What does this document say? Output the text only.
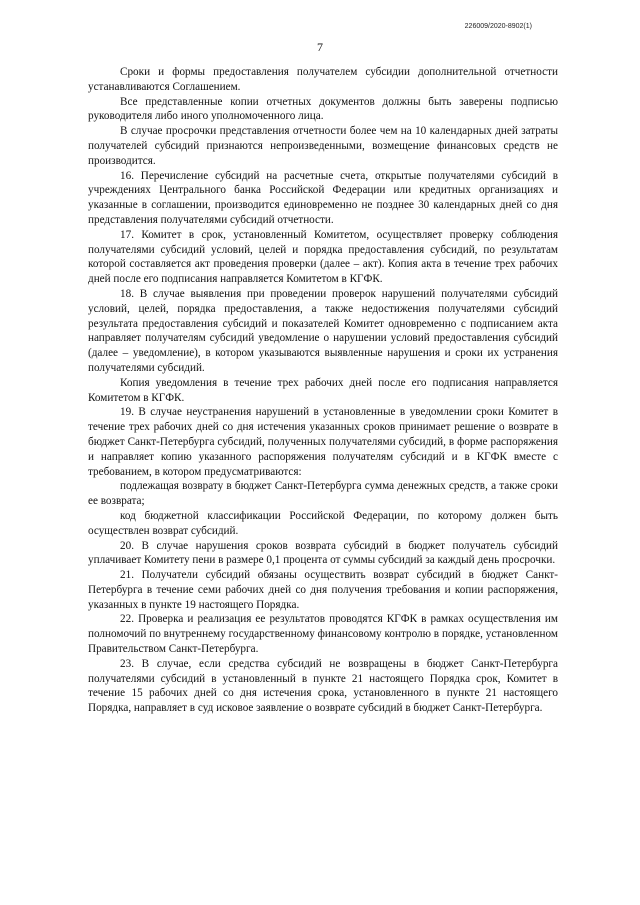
226009/2020-8902(1)
7

Сроки и формы предоставления получателем субсидии дополнительной отчетности устанавливаются Соглашением.

Все представленные копии отчетных документов должны быть заверены подписью руководителя либо иного уполномоченного лица.

В случае просрочки представления отчетности более чем на 10 календарных дней затраты получателей субсидий признаются непроизведенными, возмещение финансовых средств не производится.

16. Перечисление субсидий на расчетные счета, открытые получателями субсидий в учреждениях Центрального банка Российской Федерации или кредитных организациях и указанные в соглашении, производится единовременно не позднее 30 календарных дней со дня представления получателями субсидий отчетности.

17. Комитет в срок, установленный Комитетом, осуществляет проверку соблюдения получателями субсидий условий, целей и порядка предоставления субсидий, по результатам которой составляется акт проведения проверки (далее – акт). Копия акта в течение трех рабочих дней после его подписания направляется Комитетом в КГФК.

18. В случае выявления при проведении проверок нарушений получателями субсидий условий, целей, порядка предоставления, а также недостижения получателями субсидий результата предоставления субсидий и показателей Комитет одновременно с подписанием акта направляет получателям субсидий уведомление о нарушении условий предоставления субсидий (далее – уведомление), в котором указываются выявленные нарушения и сроки их устранения получателями субсидий.

Копия уведомления в течение трех рабочих дней после его подписания направляется Комитетом в КГФК.

19. В случае неустранения нарушений в установленные в уведомлении сроки Комитет в течение трех рабочих дней со дня истечения указанных сроков принимает решение о возврате в бюджет Санкт-Петербурга субсидий, полученных получателями субсидий, в форме распоряжения и направляет копию указанного распоряжения получателям субсидий и в КГФК вместе с требованием, в котором предусматриваются:

подлежащая возврату в бюджет Санкт-Петербурга сумма денежных средств, а также сроки ее возврата;

код бюджетной классификации Российской Федерации, по которому должен быть осуществлен возврат субсидий.

20. В случае нарушения сроков возврата субсидий в бюджет получатель субсидий уплачивает Комитету пени в размере 0,1 процента от суммы субсидий за каждый день просрочки.

21. Получатели субсидий обязаны осуществить возврат субсидий в бюджет Санкт-Петербурга в течение семи рабочих дней со дня получения требования и копии распоряжения, указанных в пункте 19 настоящего Порядка.

22. Проверка и реализация ее результатов проводятся КГФК в рамках осуществления им полномочий по внутреннему государственному финансовому контролю в порядке, установленном Правительством Санкт-Петербурга.

23. В случае, если средства субсидий не возвращены в бюджет Санкт-Петербурга получателями субсидий в установленный в пункте 21 настоящего Порядка срок, Комитет в течение 15 рабочих дней со дня истечения срока, установленного в пункте 21 настоящего Порядка, направляет в суд исковое заявление о возврате субсидий в бюджет Санкт-Петербурга.
